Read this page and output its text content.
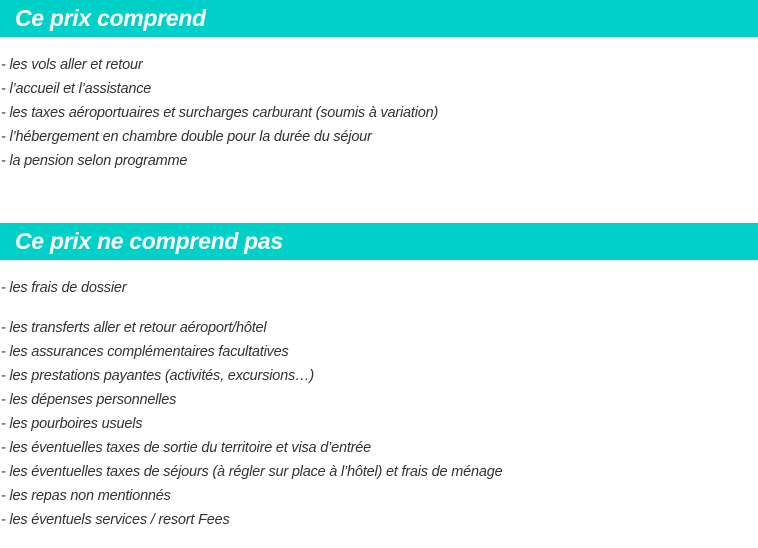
Ce prix comprend
- les vols aller et retour
- l’accueil et l’assistance
- les taxes aéroportuaires et surcharges carburant (soumis à variation)
- l’hébergement en chambre double pour la durée du séjour
- la pension selon programme
Ce prix ne comprend pas
- les frais de dossier
- les transferts aller et retour aéroport/hôtel
- les assurances complémentaires facultatives
- les prestations payantes (activités, excursions…)
- les dépenses personnelles
- les pourboires usuels
- les éventuelles taxes de sortie du territoire et visa d’entrée
- les éventuelles taxes de séjours (à régler sur place à l’hôtel) et frais de ménage
- les repas non mentionnés
- les éventuels services / resort Fees
